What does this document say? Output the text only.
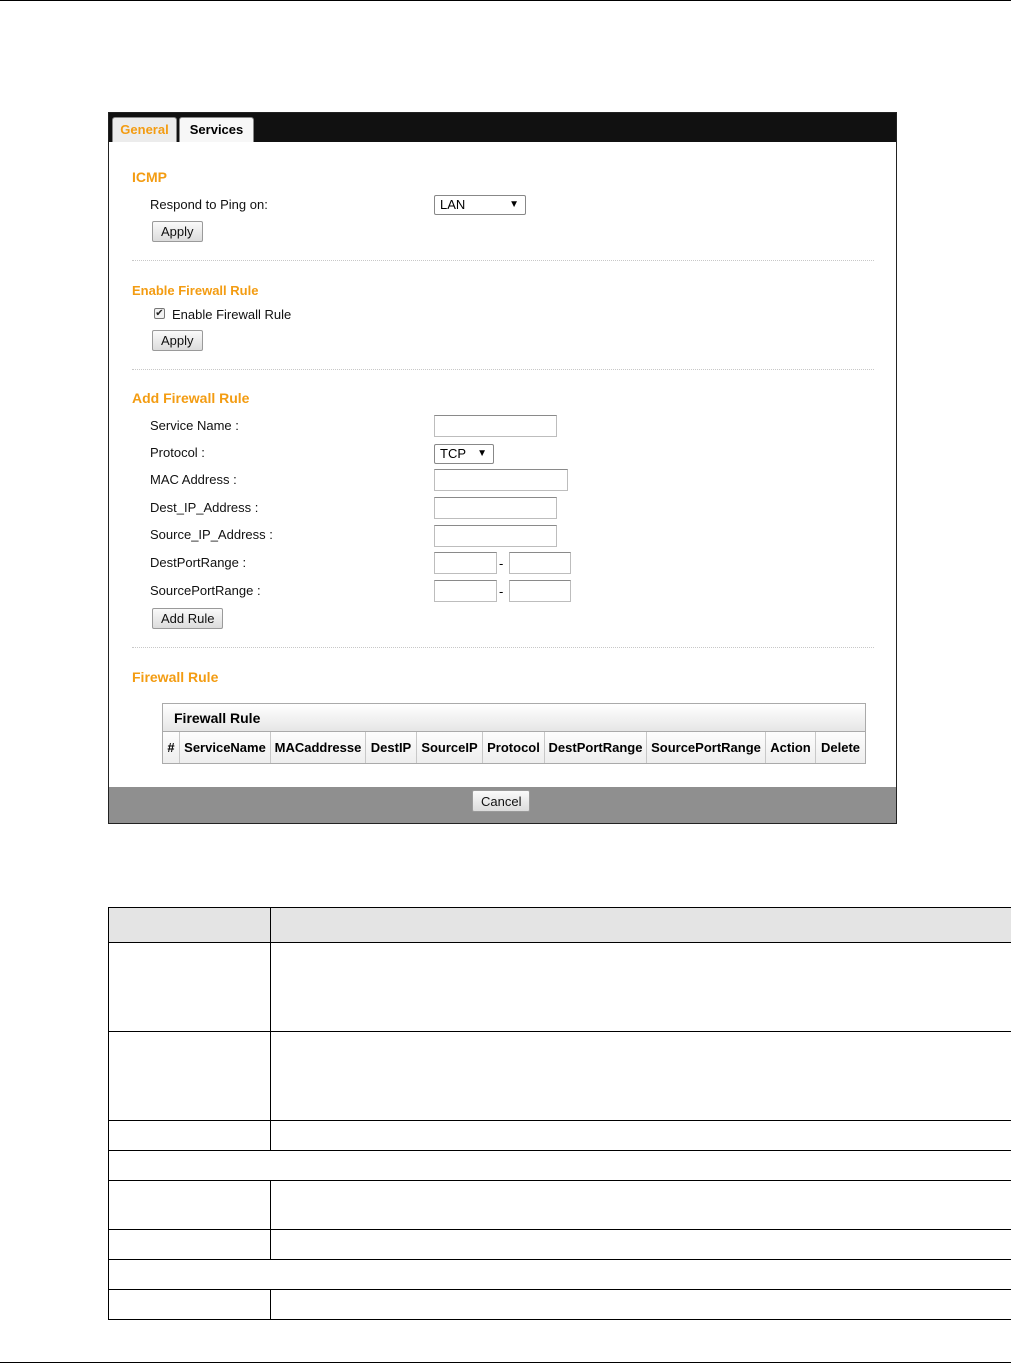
General	Services
ICMP
Respond to Ping on:	LAN	▼
Apply
Enable Firewall Rule
✔ Enable Firewall Rule
Apply
Add Firewall Rule
Service Name :
Protocol :	TCP ▼
MAC Address :
Dest_IP_Address :
Source_IP_Address :
DestPortRange :	-
SourcePortRange :	-
Add Rule
Firewall Rule
Firewall Rule
# ServiceName MACaddresse DestIP SourceIP Protocol DestPortRange SourcePortRange Action Delete
Cancel
